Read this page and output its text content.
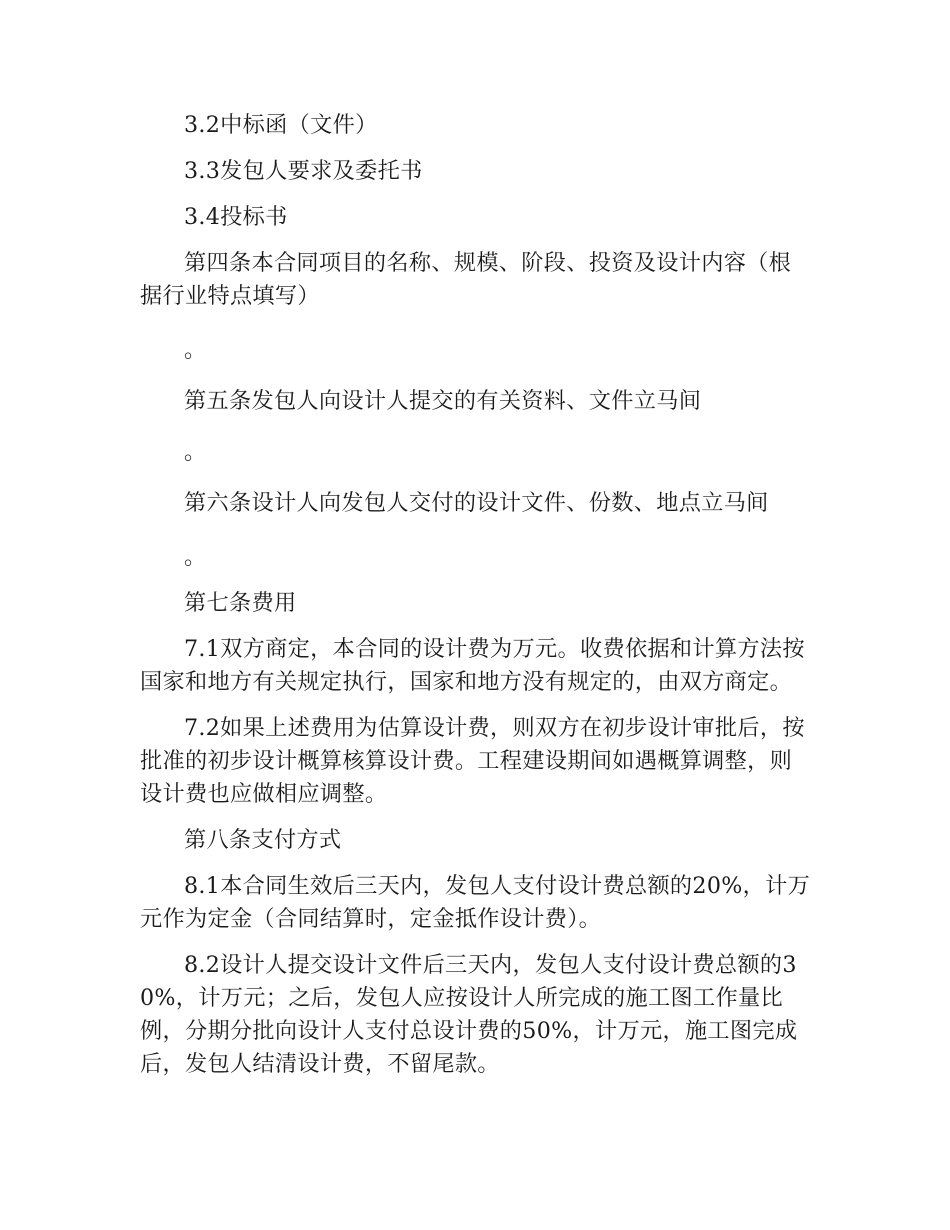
3.2中标函（文件）

3.3发包人要求及委托书

3.4投标书

第四条本合同项目的名称、规模、阶段、投资及设计内容（根据行业特点填写）

。

第五条发包人向设计人提交的有关资料、文件立马间

。

第六条设计人向发包人交付的设计文件、份数、地点立马间

。

第七条费用

7.1双方商定，本合同的设计费为万元。收费依据和计算方法按国家和地方有关规定执行，国家和地方没有规定的，由双方商定。

7.2如果上述费用为估算设计费，则双方在初步设计审批后，按批准的初步设计概算核算设计费。工程建设期间如遇概算调整，则设计费也应做相应调整。

第八条支付方式

8.1本合同生效后三天内，发包人支付设计费总额的20%，计万元作为定金（合同结算时，定金抵作设计费）。

8.2设计人提交设计文件后三天内，发包人支付设计费总额的30%，计万元；之后，发包人应按设计人所完成的施工图工作量比例，分期分批向设计人支付总设计费的50%，计万元，施工图完成后，发包人结清设计费，不留尾款。
